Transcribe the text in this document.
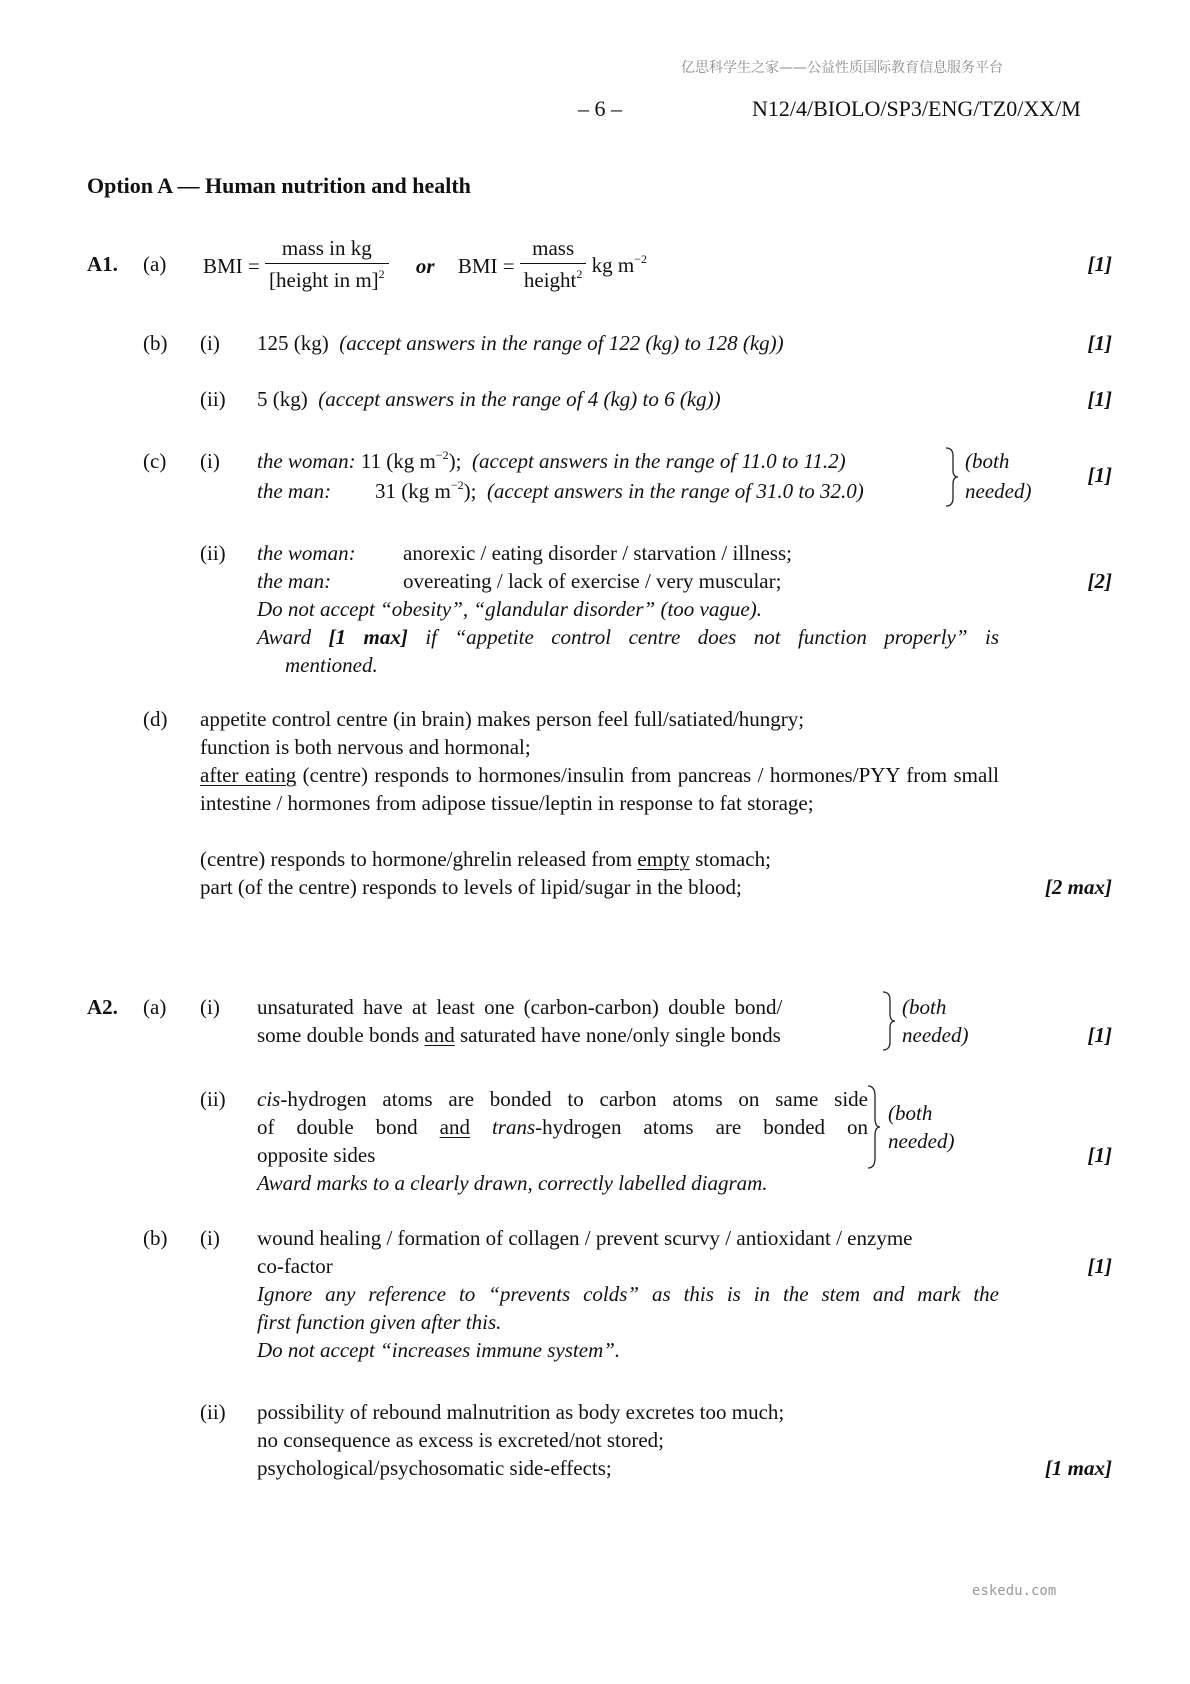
亿思科学生之家——公益性质国际教育信息服务平台
– 6 –	N12/4/BIOLO/SP3/ENG/TZ0/XX/M
Option A — Human nutrition and health
A1. (a) BMI = $\frac{\text{mass in kg}}{[height in m]^2}$ or BMI = $\frac{\text{mass}}{height^2}$ kg $m^{-2}$	[1]
(b) (i) 125 (kg) (accept answers in the range of 122 (kg) to 128 (kg))	[1]
(ii) 5 (kg) (accept answers in the range of 4 (kg) to 6 (kg))	[1]
(c) (i) the woman: 11 (kg $m^{-2}$); (accept answers in the range of 11.0 to 11.2)
the man: 31 (kg $m^{-2}$); (accept answers in the range of 31.0 to 32.0)
(both
needed)
[1]
(ii) the woman: anorexic / eating disorder / starvation / illness;
the man:	overeating / lack of exercise / very muscular;
Do not accept “obesity”, “glandular disorder” (too vague).
Award [1 max] if “appetite control centre does not function properly” is
mentioned.
[2]
(d) appetite control centre (in brain) makes person feel full/satiated/hungry;
function is both nervous and hormonal;
after eating (centre) responds to hormones/insulin from pancreas / hormones/PYY from small intestine / hormones from adipose tissue/leptin in response to fat storage;
(centre) responds to hormone/ghrelin released from empty stomach;
part (of the centre) responds to levels of lipid/sugar in the blood;	[2 max]
A2. (a) (i) unsaturated have at least one (carbon-carbon) double bond/
some double bonds and saturated have none/only single bonds
(both
needed)	[1]
(ii) cis-hydrogen atoms are bonded to carbon atoms on same side
of double bond and trans-hydrogen atoms are bonded on
opposite sides
Award marks to a clearly drawn, correctly labelled diagram.
(both
needed)
[1]
(b) (i) wound healing / formation of collagen / prevent scurvy / antioxidant / enzyme
co-factor
Ignore any reference to “prevents colds” as this is in the stem and mark the
first function given after this.
Do not accept “increases immune system”.
[1]
(ii) possibility of rebound malnutrition as body excretes too much;
no consequence as excess is excreted/not stored;
psychological/psychosomatic side-effects;	[1 max]
eskedu.com
